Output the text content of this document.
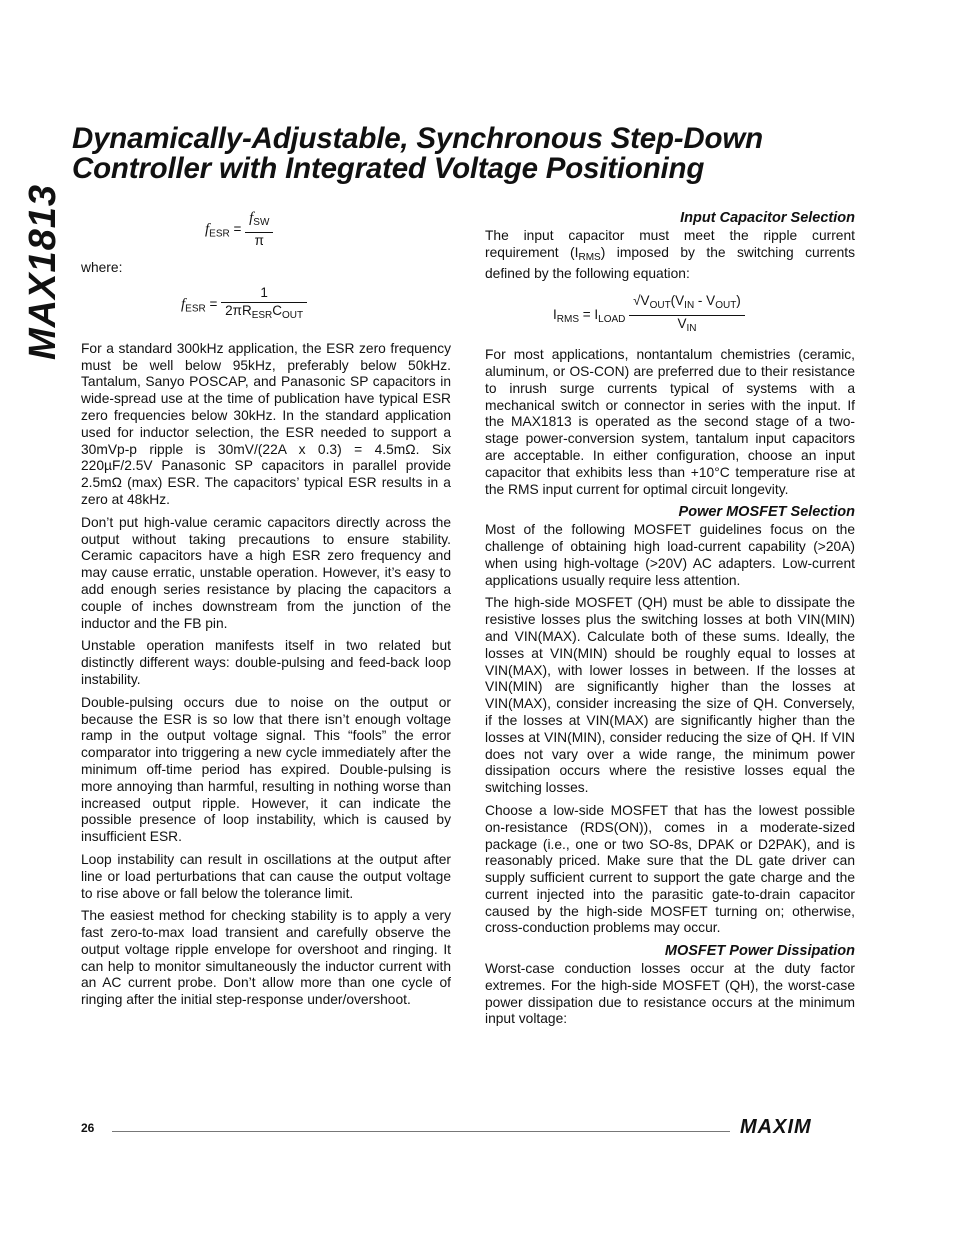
Dynamically-Adjustable, Synchronous Step-Down
Controller with Integrated Voltage Positioning
MAX1813	$f_{ESR} = \frac{f_{SW}}{\pi}$

where:

$f_{ESR} = \frac{1}{2\pi R_{ESR}C_{OUT}}$

For a standard 300kHz application, the ESR zero frequency must be well below 95kHz, preferably below 50kHz. Tantalum, Sanyo POSCAP, and Panasonic SP capacitors in wide-spread use at the time of publication have typical ESR zero frequencies below 30kHz. In the standard application used for inductor selection, the ESR needed to support a 30mVp-p ripple is 30mV/(22A x 0.3) = 4.5mΩ. Six 220µF/2.5V Panasonic SP capacitors in parallel provide 2.5mΩ (max) ESR. The capacitors’ typical ESR results in a zero at 48kHz.

Don’t put high-value ceramic capacitors directly across the output without taking precautions to ensure stability. Ceramic capacitors have a high ESR zero frequency and may cause erratic, unstable operation. However, it’s easy to add enough series resistance by placing the capacitors a couple of inches downstream from the junction of the inductor and the FB pin.

Unstable operation manifests itself in two related but distinctly different ways: double-pulsing and feed-back loop instability.

Double-pulsing occurs due to noise on the output or because the ESR is so low that there isn’t enough voltage ramp in the output voltage signal. This “fools” the error comparator into triggering a new cycle immediately after the minimum off-time period has expired. Double-pulsing is more annoying than harmful, resulting in nothing worse than increased output ripple. However, it can indicate the possible presence of loop instability, which is caused by insufficient ESR.

Loop instability can result in oscillations at the output after line or load perturbations that can cause the output voltage to rise above or fall below the tolerance limit.

The easiest method for checking stability is to apply a very fast zero-to-max load transient and carefully observe the output voltage ripple envelope for overshoot and ringing. It can help to monitor simultaneously the inductor current with an AC current probe. Don’t allow more than one cycle of ringing after the initial step-response under/overshoot.

Input Capacitor Selection

The input capacitor must meet the ripple current requirement $(I_{RMS})$ imposed by the switching currents defined by the following equation:

$I_{RMS} = I_{LOAD} \frac{√V_{OUT}(V_{IN} - V_{OUT})}{V_{IN}}$

For most applications, nontantalum chemistries (ceramic, aluminum, or OS-CON) are preferred due to their resistance to inrush surge currents typical of systems with a mechanical switch or connector in series with the input. If the MAX1813 is operated as the second stage of a two-stage power-conversion system, tantalum input capacitors are acceptable. In either configuration, choose an input capacitor that exhibits less than +10°C temperature rise at the RMS input current for optimal circuit longevity.

Power MOSFET Selection

Most of the following MOSFET guidelines focus on the challenge of obtaining high load-current capability (>20A) when using high-voltage (>20V) AC adapters. Low-current applications usually require less attention.

The high-side MOSFET (QH) must be able to dissipate the resistive losses plus the switching losses at both VIN(MIN) and VIN(MAX). Calculate both of these sums. Ideally, the losses at VIN(MIN) should be roughly equal to losses at VIN(MAX), with lower losses in between. If the losses at VIN(MIN) are significantly higher than the losses at VIN(MAX), consider increasing the size of QH. Conversely, if the losses at VIN(MAX) are significantly higher than the losses at VIN(MIN), consider reducing the size of QH. If VIN does not vary over a wide range, the minimum power dissipation occurs where the resistive losses equal the switching losses.

Choose a low-side MOSFET that has the lowest possible on-resistance (RDS(ON)), comes in a moderate-sized package (i.e., one or two SO-8s, DPAK or D2PAK), and is reasonably priced. Make sure that the DL gate driver can supply sufficient current to support the gate charge and the current injected into the parasitic gate-to-drain capacitor caused by the high-side MOSFET turning on; otherwise, cross-conduction problems may occur.

MOSFET Power Dissipation

Worst-case conduction losses occur at the duty factor extremes. For the high-side MOSFET (QH), the worst-case power dissipation due to resistance occurs at the minimum input voltage:

26	MAXIM
